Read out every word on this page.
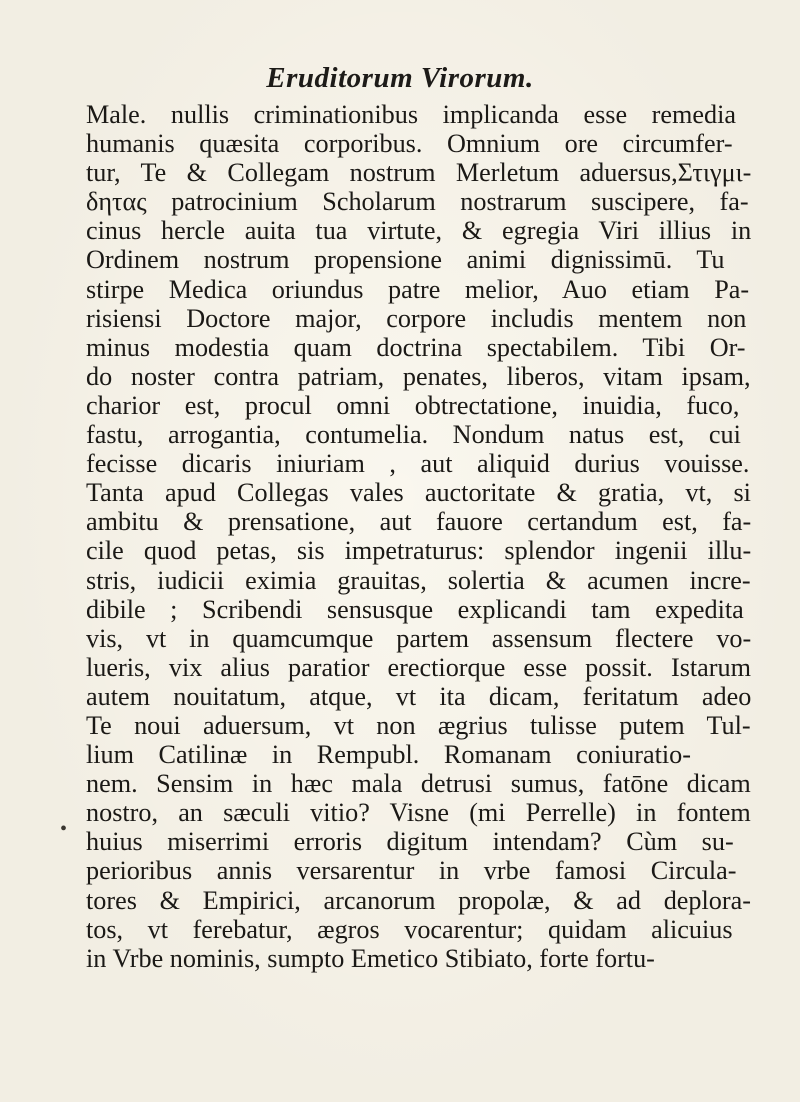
Eruditorum Virorum.
•
Male. nullis criminationibus implicanda esse remedia
humanis quæsita corporibus. Omnium ore circumfer-
tur, Te & Collegam nostrum Merletum aduersus,Στιγμι-
δητας patrocinium Scholarum nostrarum suscipere, fa-
cinus hercle auita tua virtute, & egregia Viri illius in
Ordinem nostrum propensione animi dignissimū. Tu
stirpe Medica oriundus patre melior, Auo etiam Pa-
risiensi Doctore major, corpore includis mentem non
minus modestia quam doctrina spectabilem. Tibi Or-
do noster contra patriam, penates, liberos, vitam ipsam,
charior est, procul omni obtrectatione, inuidia, fuco,
fastu, arrogantia, contumelia. Nondum natus est, cui
fecisse dicaris iniuriam , aut aliquid durius vouisse.
Tanta apud Collegas vales auctoritate & gratia, vt, si
ambitu & prensatione, aut fauore certandum est, fa-
cile quod petas, sis impetraturus: splendor ingenii illu-
stris, iudicii eximia grauitas, solertia & acumen incre-
dibile ; Scribendi sensusque explicandi tam expedita
vis, vt in quamcumque partem assensum flectere vo-
lueris, vix alius paratior erectiorque esse possit. Istarum
autem nouitatum, atque, vt ita dicam, feritatum adeo
Te noui aduersum, vt non ægrius tulisse putem Tul-
lium Catilinæ in Rempubl. Romanam coniuratio-
nem. Sensim in hæc mala detrusi sumus, fatōne dicam
nostro, an sæculi vitio? Visne (mi Perrelle) in fontem
huius miserrimi erroris digitum intendam? Cùm su-
perioribus annis versarentur in vrbe famosi Circula-
tores & Empirici, arcanorum propolæ, & ad deplora-
tos, vt ferebatur, ægros vocarentur; quidam alicuius
in Vrbe nominis, sumpto Emetico Stibiato, forte fortu-
